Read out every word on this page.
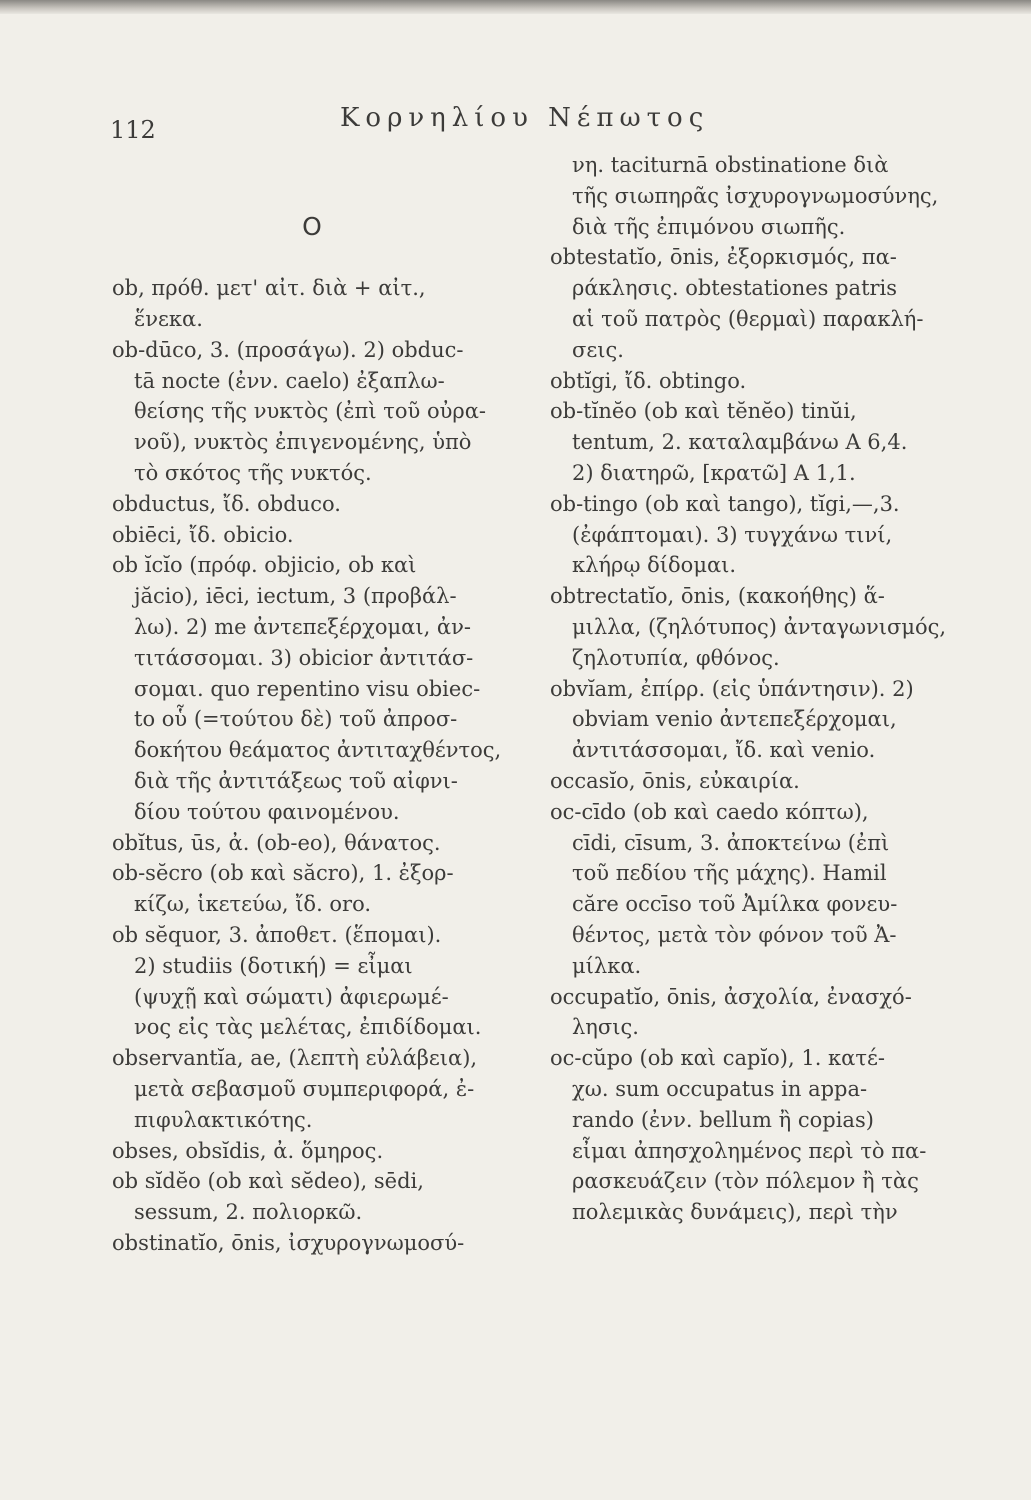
112	Κορνηλίου Νέπωτος
O
ob, πρόθ. μετ' αἰτ. διὰ + αἰτ.,
ἕνεκα.
ob-dūco, 3. (προσάγω). 2) obduc-
tā nocte (ἐνν. caelo) ἐξαπλω-
θείσης τῆς νυκτὸς (ἐπὶ τοῦ οὐρα-
νοῦ), νυκτὸς ἐπιγενομένης, ὑπὸ
τὸ σκότος τῆς νυκτός.
obductus, ἴδ. obduco.
obiēci, ἴδ. obicio.
ob ĭcĭo (πρόφ. objicio, ob καὶ
jăcio), iēci, iectum, 3 (προβάλ-
λω). 2) me ἀντεπεξέρχομαι, ἀν-
τιτάσσομαι. 3) obicior ἀντιτάσ-
σομαι. quo repentino visu obiec-
to οὗ (=τούτου δὲ) τοῦ ἀπροσ-
δοκήτου θεάματος ἀντιταχθέντος,
διὰ τῆς ἀντιτάξεως τοῦ αἰφνι-
δίου τούτου φαινομένου.
obĭtus, ūs, ἀ. (ob-eo), θάνατος.
ob-sĕcro (ob καὶ săcro), 1. ἐξορ-
κίζω, ἱκετεύω, ἴδ. oro.
ob sĕquor, 3. ἀποθετ. (ἕπομαι).
2) studiis (δοτική) = εἶμαι
(ψυχῇ καὶ σώματι) ἀφιερωμέ-
νος εἰς τὰς μελέτας, ἐπιδίδομαι.
observantĭa, ae, (λεπτὴ εὐλάβεια),
μετὰ σεβασμοῦ συμπεριφορά, ἐ-
πιφυλακτικότης.
obses, obsĭdis, ἀ. ὅμηρος.
ob sĭdĕo (ob καὶ sĕdeo), sēdi,
sessum, 2. πολιορκῶ.
obstinatĭo, ōnis, ἰσχυρογνωμοσύ-
νη. taciturnā obstinatione διὰ
τῆς σιωπηρᾶς ἰσχυρογνωμοσύνης,
διὰ τῆς ἐπιμόνου σιωπῆς.
obtestatĭo, ōnis, ἐξορκισμός, πα-
ράκλησις. obtestationes patris
αἱ τοῦ πατρὸς (θερμαὶ) παρακλή-
σεις.
obtĭgi, ἴδ. obtingo.
ob-tĭnĕo (ob καὶ tĕnĕo) tinŭi,
tentum, 2. καταλαμβάνω Α 6,4.
2) διατηρῶ, [κρατῶ] Α 1,1.
ob-tingo (ob καὶ tango), tĭgi,—,3.
(ἐφάπτομαι). 3) τυγχάνω τινί,
κλήρῳ δίδομαι.
obtrectatĭo, ōnis, (κακοήθης) ἅ-
μιλλα, (ζηλότυπος) ἀνταγωνισμός,
ζηλοτυπία, φθόνος.
obvĭam, ἐπίρρ. (εἰς ὑπάντησιν). 2)
obviam venio ἀντεπεξέρχομαι,
ἀντιτάσσομαι, ἴδ. καὶ venio.
occasĭo, ōnis, εὐκαιρία.
oc-cīdo (ob καὶ caedo κόπτω),
cīdi, cīsum, 3. ἀποκτείνω (ἐπὶ
τοῦ πεδίου τῆς μάχης). Hamil
căre occīso τοῦ Ἀμίλκα φονευ-
θέντος, μετὰ τὸν φόνον τοῦ Ἀ-
μίλκα.
occupatĭo, ōnis, ἀσχολία, ἐνασχό-
λησις.
oc-cŭpo (ob καὶ capĭo), 1. κατέ-
χω. sum occupatus in appa-
rando (ἐνν. bellum ἢ copias)
εἶμαι ἀπησχολημένος περὶ τὸ πα-
ρασκευάζειν (τὸν πόλεμον ἢ τὰς
πολεμικὰς δυνάμεις), περὶ τὴν
